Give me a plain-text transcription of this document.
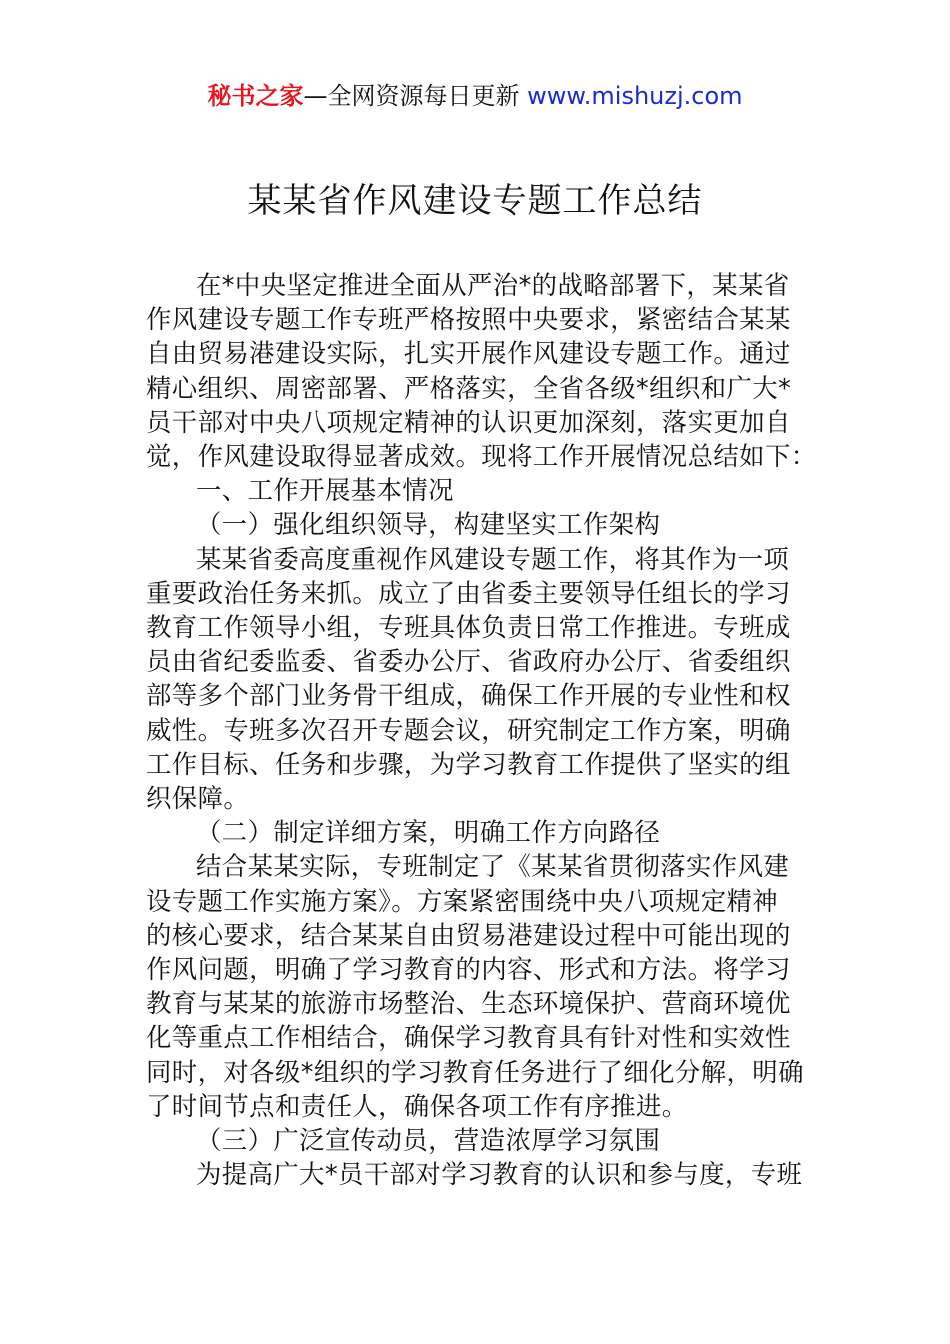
秘书之家—全网资源每日更新 www.mishuzj.com
某某省作风建设专题工作总结
在*中央坚定推进全面从严治*的战略部署下，某某省
作风建设专题工作专班严格按照中央要求，紧密结合某某
自由贸易港建设实际，扎实开展作风建设专题工作。通过
精心组织、周密部署、严格落实，全省各级*组织和广大*
员干部对中央八项规定精神的认识更加深刻，落实更加自
觉，作风建设取得显著成效。现将工作开展情况总结如下：
一、工作开展基本情况
（一）强化组织领导，构建坚实工作架构
某某省委高度重视作风建设专题工作，将其作为一项
重要政治任务来抓。成立了由省委主要领导任组长的学习
教育工作领导小组，专班具体负责日常工作推进。专班成
员由省纪委监委、省委办公厅、省政府办公厅、省委组织
部等多个部门业务骨干组成，确保工作开展的专业性和权
威性。专班多次召开专题会议，研究制定工作方案，明确
工作目标、任务和步骤，为学习教育工作提供了坚实的组
织保障。
（二）制定详细方案，明确工作方向路径
结合某某实际，专班制定了《某某省贯彻落实作风建
设专题工作实施方案》。方案紧密围绕中央八项规定精神
的核心要求，结合某某自由贸易港建设过程中可能出现的
作风问题，明确了学习教育的内容、形式和方法。将学习
教育与某某的旅游市场整治、生态环境保护、营商环境优
化等重点工作相结合，确保学习教育具有针对性和实效性
同时，对各级*组织的学习教育任务进行了细化分解，明确
了时间节点和责任人，确保各项工作有序推进。
（三）广泛宣传动员，营造浓厚学习氛围
为提高广大*员干部对学习教育的认识和参与度，专班
